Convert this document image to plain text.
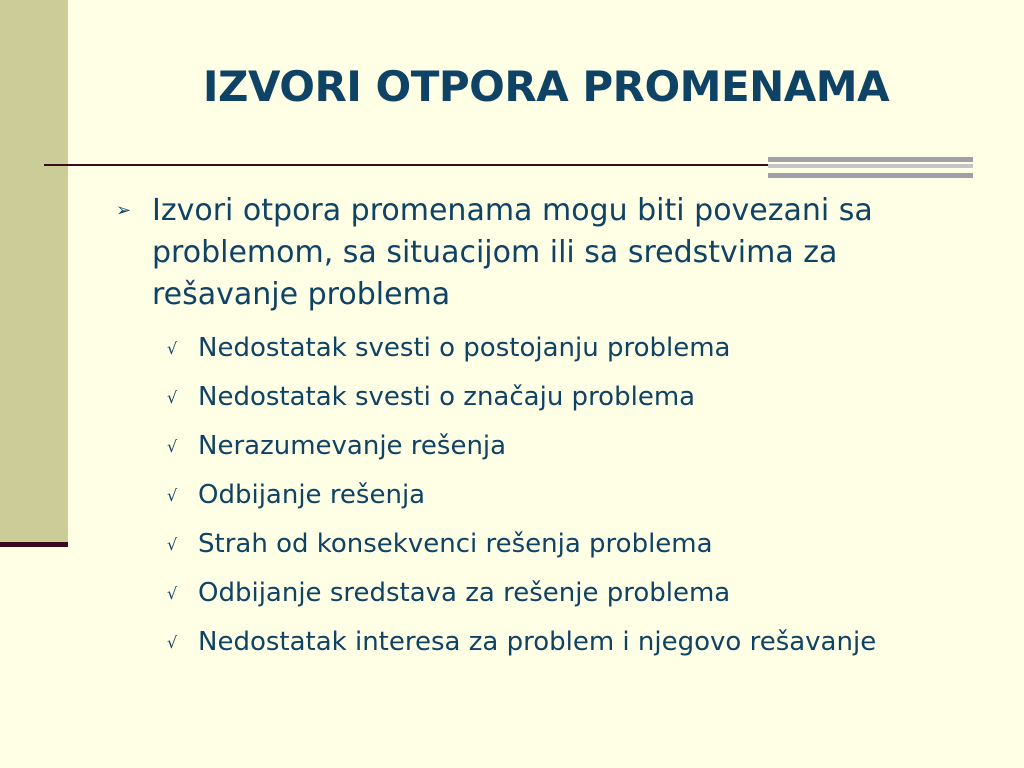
IZVORI OTPORA PROMENAMA
➢ Izvori otpora promenama mogu biti povezani sa problemom, sa situacijom ili sa sredstvima za rešavanje problema
√ Nedostatak svesti o postojanju problema
√ Nedostatak svesti o značaju problema
√ Nerazumevanje rešenja
√ Odbijanje rešenja
√ Strah od konsekvenci rešenja problema
√ Odbijanje sredstava za rešenje problema
√ Nedostatak interesa za problem i njegovo rešavanje
